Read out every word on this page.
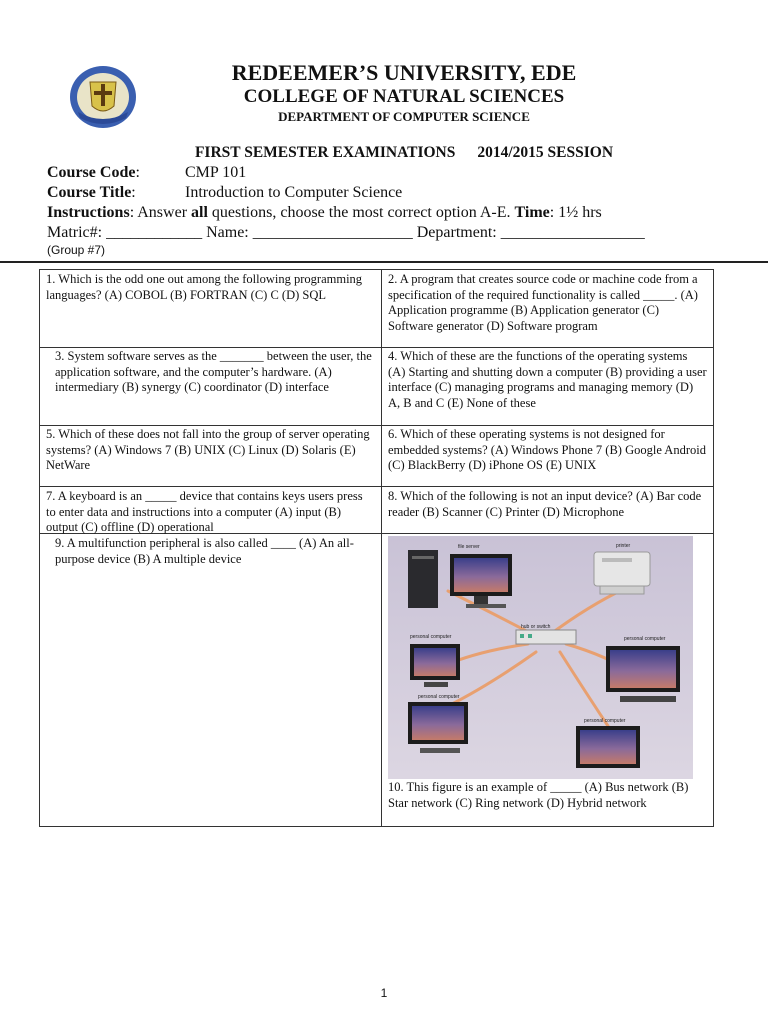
REDEEMER’S UNIVERSITY, EDE
COLLEGE OF NATURAL SCIENCES
DEPARTMENT OF COMPUTER SCIENCE
FIRST SEMESTER EXAMINATIONS 2014/2015 SESSION
Course Code:	CMP 101
Course Title:	Introduction to Computer Science
Instructions: Answer all questions, choose the most correct option A-E. Time: 1½ hrs
Matric#: ____________ Name: ____________________ Department: __________________
(Group #7)
1. Which is the odd one out among the following programming languages? (A) COBOL (B) FORTRAN (C) C (D) SQL
2. A program that creates source code or machine code from a specification of the required functionality is called _____. (A) Application programme (B) Application generator (C) Software generator (D) Software program
3. System software serves as the _______ between the user, the application software, and the computer’s hardware. (A) intermediary (B) synergy (C) coordinator (D) interface
4. Which of these are the functions of the operating systems (A) Starting and shutting down a computer (B) providing a user interface (C) managing programs and managing memory (D) A, B and C (E) None of these
5. Which of these does not fall into the group of server operating systems? (A) Windows 7 (B) UNIX (C) Linux (D) Solaris (E) NetWare
6. Which of these operating systems is not designed for embedded systems? (A) Windows Phone 7 (B) Google Android (C) BlackBerry (D) iPhone OS (E) UNIX
7. A keyboard is an _____ device that contains keys users press to enter data and instructions into a computer (A) input (B) output (C) offline (D) operational
8. Which of the following is not an input device? (A) Bar code reader (B) Scanner (C) Printer (D) Microphone
9. A multifunction peripheral is also called ____ (A) An all-purpose device (B) A multiple device
10. This figure is an example of _____ (A) Bus network (B) Star network (C) Ring network (D) Hybrid network
file server	printer
hub or switch
personal computer	personal computer
personal computer
personal computer
1
